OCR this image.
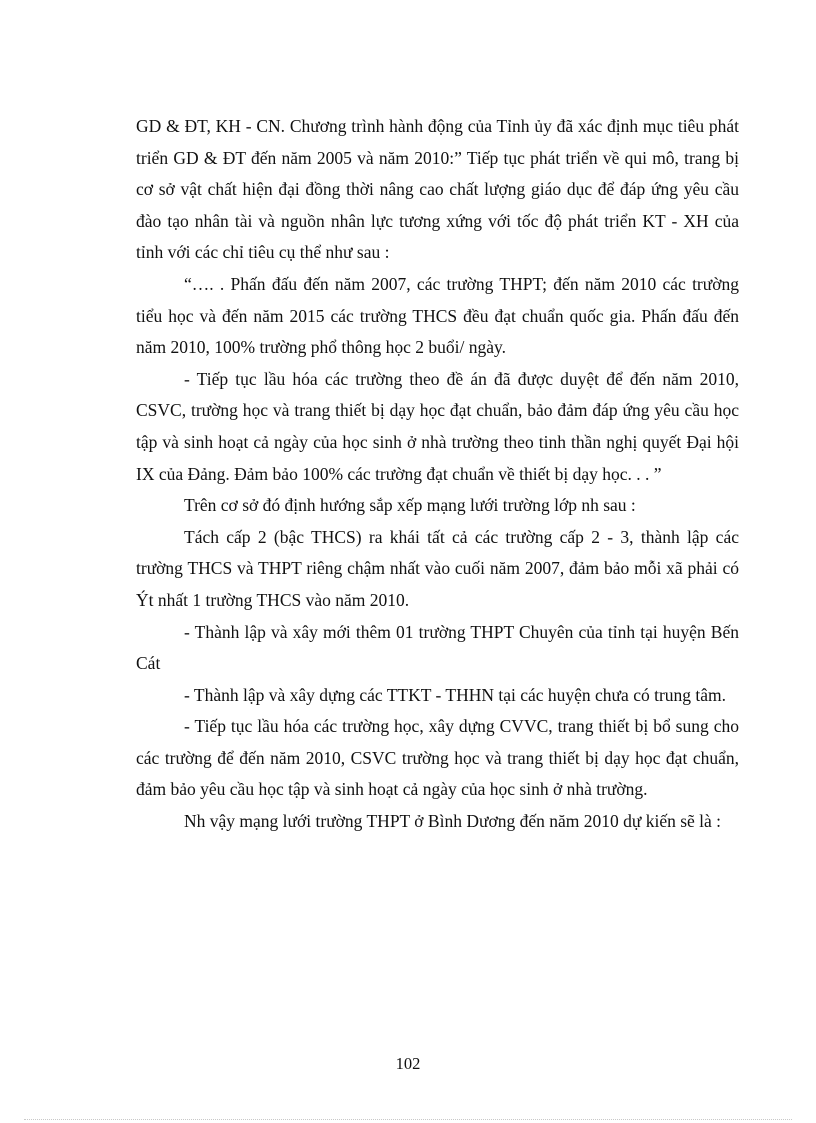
GD & ĐT, KH - CN. Chương trình hành động của Tỉnh ủy đã xác định mục tiêu phát triển GD & ĐT đến năm 2005 và năm 2010:” Tiếp tục phát triển về qui mô, trang bị cơ sở vật chất hiện đại đồng thời nâng cao chất lượng giáo dục để đáp ứng yêu cầu đào tạo nhân tài và nguồn nhân lực tương xứng với tốc độ phát triển KT - XH của tỉnh với các chỉ tiêu cụ thể như sau :

“…. . Phấn đấu đến năm 2007, các trường THPT; đến năm 2010 các trường tiểu học và đến năm 2015 các trường THCS đều đạt chuẩn quốc gia. Phấn đấu đến năm 2010, 100% trường phổ thông học 2 buổi/ ngày.

- Tiếp tục lầu hóa các trường theo đề án đã được duyệt để đến năm 2010, CSVC, trường học và trang thiết bị dạy học đạt chuẩn, bảo đảm đáp ứng yêu cầu học tập và sinh hoạt cả ngày của học sinh ở nhà trường theo tinh thần nghị quyết Đại hội IX của Đảng. Đảm bảo 100% các trường đạt chuẩn về thiết bị dạy học. . . ”

Trên cơ sở đó định hướng sắp xếp mạng lưới trường lớp nh sau :

Tách cấp 2 (bậc THCS) ra khái tất cả các trường cấp 2 - 3, thành lập các trường THCS và THPT riêng chậm nhất vào cuối năm 2007, đảm bảo mỗi xã phải có Ýt nhất 1 trường THCS vào năm 2010.

- Thành lập và xây mới thêm 01 trường THPT Chuyên của tỉnh tại huyện Bến Cát

- Thành lập và xây dựng các TTKT - THHN tại các huyện chưa có trung tâm.

- Tiếp tục lầu hóa các trường học, xây dựng CVVC, trang thiết bị bổ sung cho các trường để đến năm 2010, CSVC trường học và trang thiết bị dạy học đạt chuẩn, đảm bảo yêu cầu học tập và sinh hoạt cả ngày của học sinh ở nhà trường.

Nh vậy mạng lưới trường THPT ở Bình Dương đến năm 2010 dự kiến sẽ là :

102
